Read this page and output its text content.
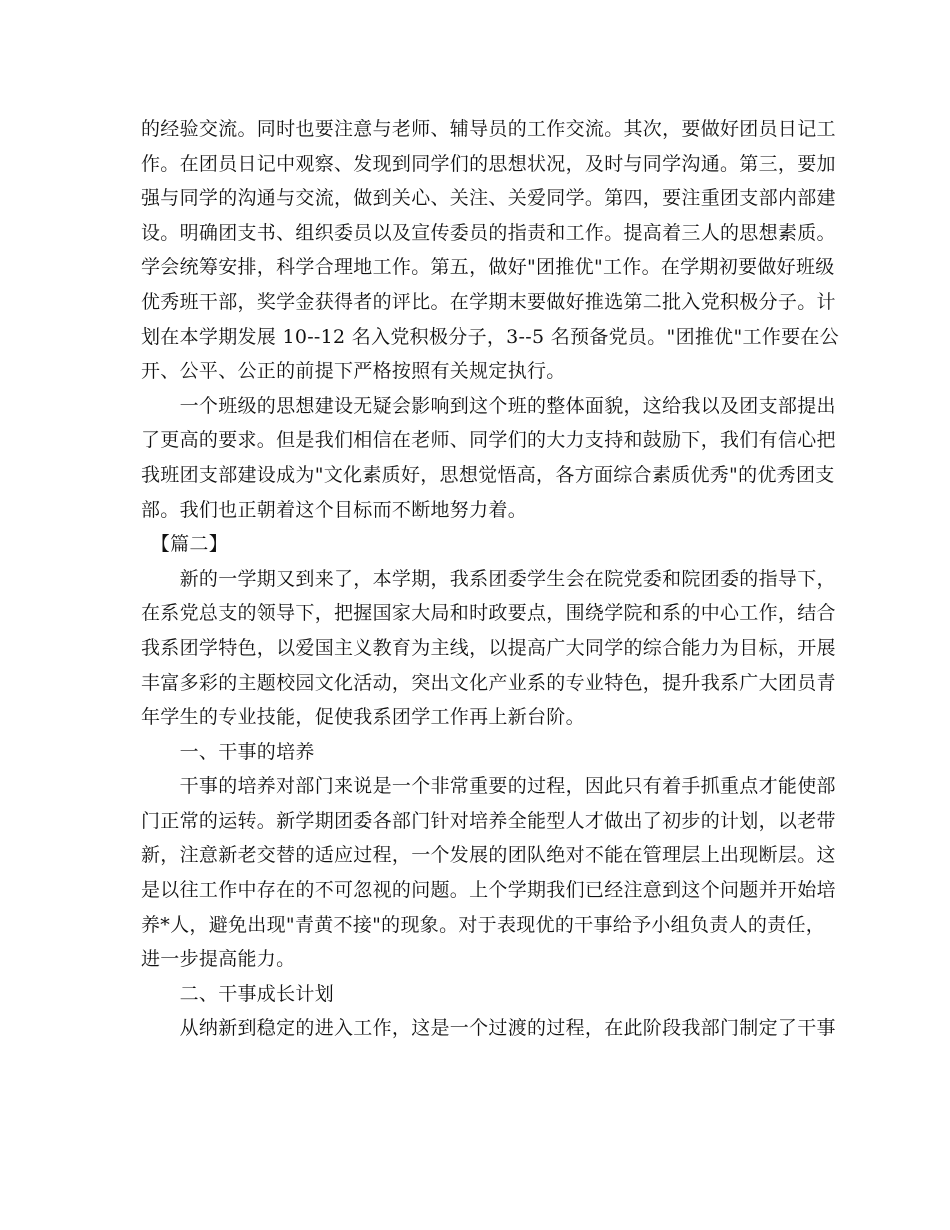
的经验交流。同时也要注意与老师、辅导员的工作交流。其次，要做好团员日记工
作。在团员日记中观察、发现到同学们的思想状况，及时与同学沟通。第三，要加
强与同学的沟通与交流，做到关心、关注、关爱同学。第四，要注重团支部内部建
设。明确团支书、组织委员以及宣传委员的指责和工作。提高着三人的思想素质。
学会统筹安排，科学合理地工作。第五，做好"团推优"工作。在学期初要做好班级
优秀班干部，奖学金获得者的评比。在学期末要做好推选第二批入党积极分子。计
划在本学期发展 10--12 名入党积极分子，3--5 名预备党员。"团推优"工作要在公
开、公平、公正的前提下严格按照有关规定执行。
　　一个班级的思想建设无疑会影响到这个班的整体面貌，这给我以及团支部提出
了更高的要求。但是我们相信在老师、同学们的大力支持和鼓励下，我们有信心把
我班团支部建设成为"文化素质好，思想觉悟高，各方面综合素质优秀"的优秀团支
部。我们也正朝着这个目标而不断地努力着。
　【篇二】
　　新的一学期又到来了，本学期，我系团委学生会在院党委和院团委的指导下，
在系党总支的领导下，把握国家大局和时政要点，围绕学院和系的中心工作，结合
我系团学特色，以爱国主义教育为主线，以提高广大同学的综合能力为目标，开展
丰富多彩的主题校园文化活动，突出文化产业系的专业特色，提升我系广大团员青
年学生的专业技能，促使我系团学工作再上新台阶。
　　一、干事的培养
　　干事的培养对部门来说是一个非常重要的过程，因此只有着手抓重点才能使部
门正常的运转。新学期团委各部门针对培养全能型人才做出了初步的计划，以老带
新，注意新老交替的适应过程，一个发展的团队绝对不能在管理层上出现断层。这
是以往工作中存在的不可忽视的问题。上个学期我们已经注意到这个问题并开始培
养*人，避免出现"青黄不接"的现象。对于表现优的干事给予小组负责人的责任，
进一步提高能力。
　　二、干事成长计划
　　从纳新到稳定的进入工作，这是一个过渡的过程，在此阶段我部门制定了干事
